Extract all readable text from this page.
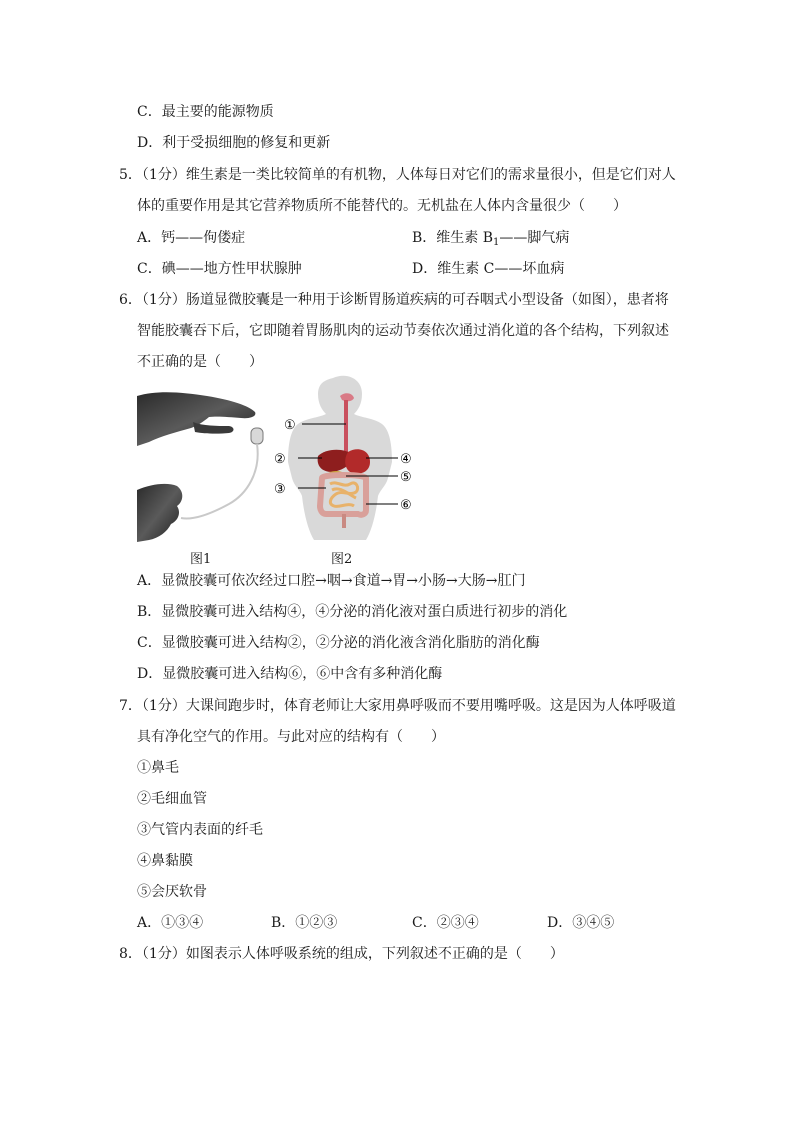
C．最主要的能源物质
D．利于受损细胞的修复和更新
5．（1分）维生素是一类比较简单的有机物，人体每日对它们的需求量很小，但是它们对人
体的重要作用是其它营养物质所不能替代的。无机盐在人体内含量很少（　　）
A．钙——佝偻症	B．维生素 $B_1——$脚气病
C．碘——地方性甲状腺肿	D．维生素 C——坏血病
6．（1分）肠道显微胶囊是一种用于诊断胃肠道疾病的可吞咽式小型设备（如图），患者将
智能胶囊吞下后，它即随着胃肠肌肉的运动节奏依次通过消化道的各个结构，下列叙述
不正确的是（　　）
图1
①
②
③
④
⑤
⑥
图2
A．显微胶囊可依次经过口腔→咽→食道→胃→小肠→大肠→肛门
B．显微胶囊可进入结构④，④分泌的消化液对蛋白质进行初步的消化
C．显微胶囊可进入结构②，②分泌的消化液含消化脂肪的消化酶
D．显微胶囊可进入结构⑥，⑥中含有多种消化酶
7．（1分）大课间跑步时，体育老师让大家用鼻呼吸而不要用嘴呼吸。这是因为人体呼吸道
具有净化空气的作用。与此对应的结构有（　　）
①鼻毛
②毛细血管
③气管内表面的纤毛
④鼻黏膜
⑤会厌软骨
A．①③④	B．①②③	C．②③④	D．③④⑤
8．（1分）如图表示人体呼吸系统的组成，下列叙述不正确的是（　　）
